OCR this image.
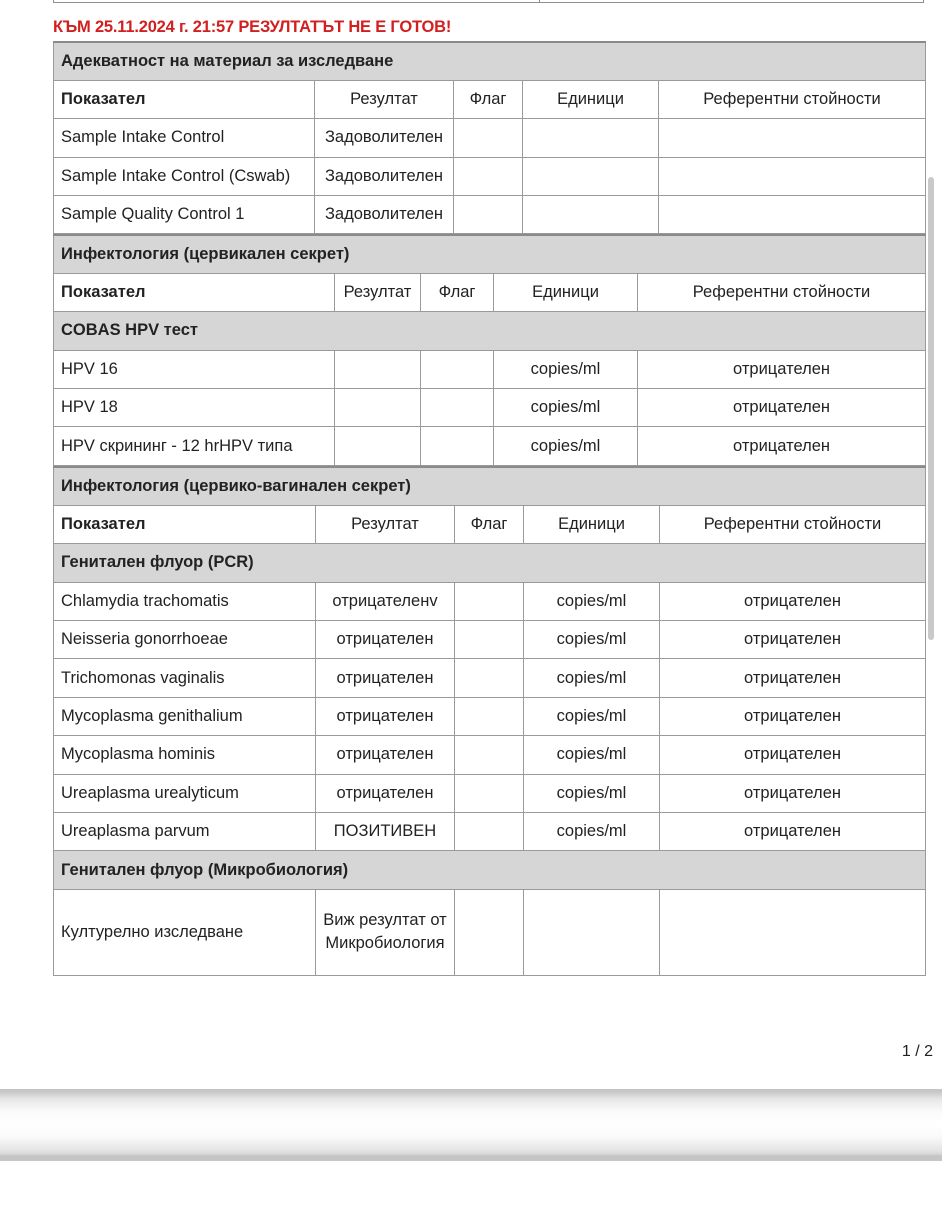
КЪМ 25.11.2024 г. 21:57 РЕЗУЛТАТЪТ НЕ Е ГОТОВ!
Адекватност на материал за изследване				
Показател	Резултат	Флаг	Единици	Референтни стойности
Sample Intake Control	Задоволителен			
Sample Intake Control (Cswab)	Задоволителен			
Sample Quality Control 1	Задоволителен			
Инфектология (цервикален секрет)				
Показател	Резултат	Флаг	Единици	Референтни стойности
COBAS HPV тест				
HPV 16			copies/ml	отрицателен
HPV 18			copies/ml	отрицателен
HPV скрининг - 12 hrHPV типа			copies/ml	отрицателен
Инфектология (цервико-вагинален секрет)				
Показател	Резултат	Флаг	Единици	Референтни стойности
Генитален флуор (PCR)				
Chlamydia trachomatis	отрицателенv		copies/ml	отрицателен
Neisseria gonorrhoeae	отрицателен		copies/ml	отрицателен
Trichomonas vaginalis	отрицателен		copies/ml	отрицателен
Mycoplasma genithalium	отрицателен		copies/ml	отрицателен
Mycoplasma hominis	отрицателен		copies/ml	отрицателен
Ureaplasma urealyticum	отрицателен		copies/ml	отрицателен
Ureaplasma parvum	ПОЗИТИВЕН		copies/ml	отрицателен
Генитален флуор (Микробиология)				
Културелно изследване	Виж резултат от Микробиология			
1 / 2
